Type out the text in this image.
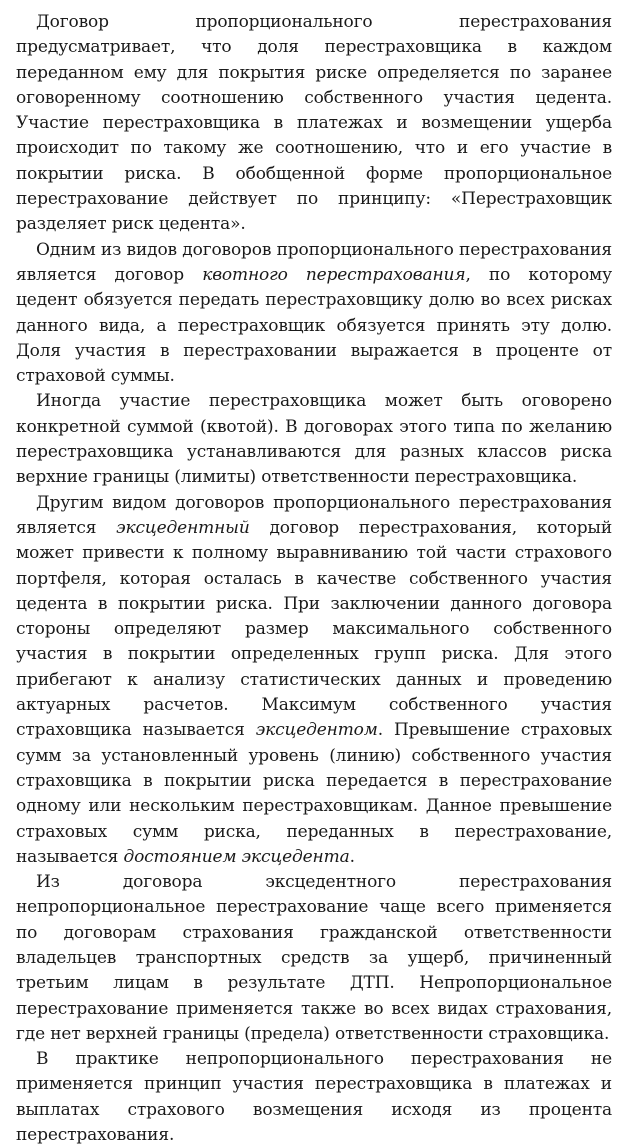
Договор пропорционального перестрахования предусматривает, что доля перестраховщика в каждом переданном ему для покрытия риске определяется по заранее оговоренному соотношению собственного участия цедента. Участие перестраховщика в платежах и возмещении ущерба происходит по такому же соотношению, что и его участие в покрытии риска. В обобщенной форме пропорциональное перестрахование действует по принципу: «Перестраховщик разделяет риск цедента».

Одним из видов договоров пропорционального перестрахования является договор квотного перестрахования, по которому цедент обязуется передать перестраховщику долю во всех рисках данного вида, а перестраховщик обязуется принять эту долю. Доля участия в перестраховании выражается в проценте от страховой суммы.

Иногда участие перестраховщика может быть оговорено конкретной суммой (квотой). В договорах этого типа по желанию перестраховщика устанавливаются для разных классов риска верхние границы (лимиты) ответственности перестраховщика.

Другим видом договоров пропорционального перестрахования является эксцедентный договор перестрахования, который может привести к полному выравниванию той части страхового портфеля, которая осталась в качестве собственного участия цедента в покрытии риска. При заключении данного договора стороны определяют размер максимального собственного участия в покрытии определенных групп риска. Для этого прибегают к анализу статистических данных и проведению актуарных расчетов. Максимум собственного участия страховщика называется эксцедентом. Превышение страховых сумм за установленный уровень (линию) собственного участия страховщика в покрытии риска передается в перестрахование одному или нескольким перестраховщикам. Данное превышение страховых сумм риска, переданных в перестрахование, называется достоянием эксцедента.

Из договора эксцедентного перестрахования непропорциональное перестрахование чаще всего применяется по договорам страхования гражданской ответственности владельцев транспортных средств за ущерб, причиненный третьим лицам в результате ДТП. Непропорциональное перестрахование применяется также во всех видах страхования, где нет верхней границы (предела) ответственности страховщика.

В практике непропорционального перестрахования не применяется принцип участия перестраховщика в платежах и выплатах страхового возмещения исходя из процента перестрахования.
